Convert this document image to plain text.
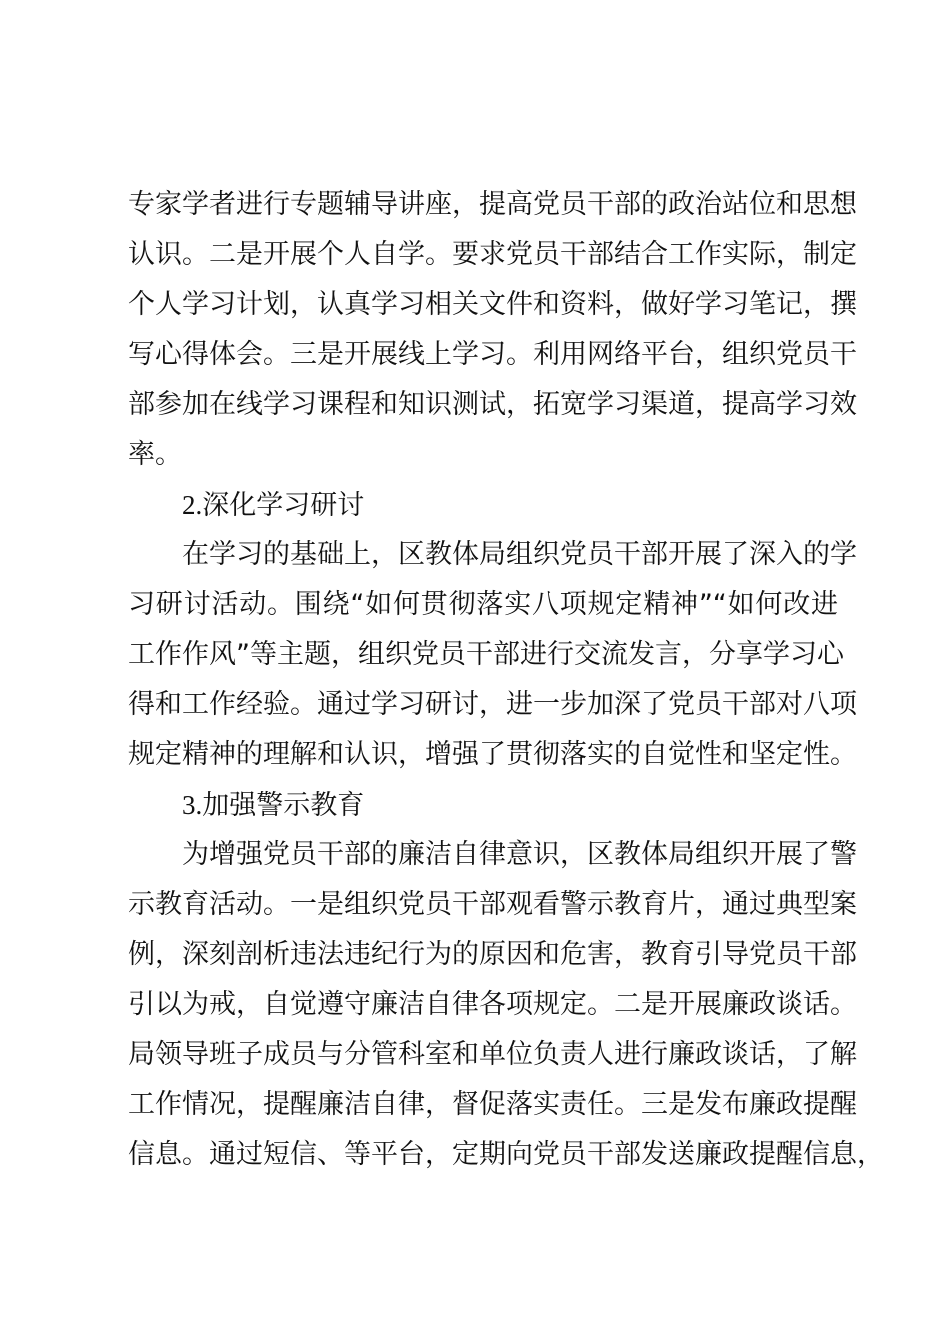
专家学者进行专题辅导讲座，提高党员干部的政治站位和思想
认识。二是开展个人自学。要求党员干部结合工作实际，制定
个人学习计划，认真学习相关文件和资料，做好学习笔记，撰
写心得体会。三是开展线上学习。利用网络平台，组织党员干
部参加在线学习课程和知识测试，拓宽学习渠道，提高学习效
率。
2.深化学习研讨
在学习的基础上，区教体局组织党员干部开展了深入的学
习研讨活动。围绕“如何贯彻落实八项规定精神”“如何改进
工作作风”等主题，组织党员干部进行交流发言，分享学习心
得和工作经验。通过学习研讨，进一步加深了党员干部对八项
规定精神的理解和认识，增强了贯彻落实的自觉性和坚定性。
3.加强警示教育
为增强党员干部的廉洁自律意识，区教体局组织开展了警
示教育活动。一是组织党员干部观看警示教育片，通过典型案
例，深刻剖析违法违纪行为的原因和危害，教育引导党员干部
引以为戒，自觉遵守廉洁自律各项规定。二是开展廉政谈话。
局领导班子成员与分管科室和单位负责人进行廉政谈话，了解
工作情况，提醒廉洁自律，督促落实责任。三是发布廉政提醒
信息。通过短信、等平台，定期向党员干部发送廉政提醒信息，
